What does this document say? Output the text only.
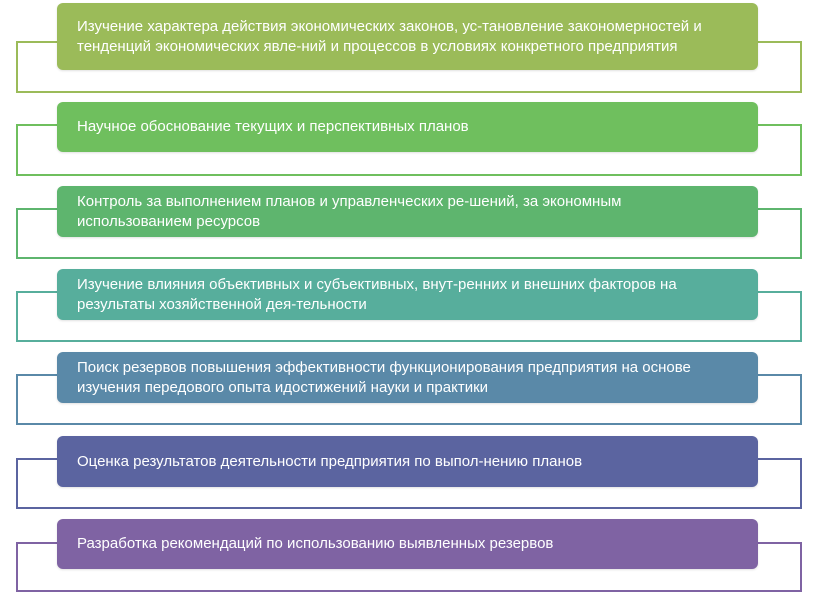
Изучение характера действия экономических законов, ус-тановление закономерностей и тенденций экономических явле-ний и процессов в условиях конкретного предприятия
Научное обоснование текущих и перспективных планов
Контроль за выполнением планов и управленческих ре-шений, за экономным использованием ресурсов
Изучение влияния объективных и субъективных, внут-ренних и внешних факторов на результаты хозяйственной дея-тельности
Поиск резервов повышения эффективности функционирования предприятия на основе изучения передового опыта идостижений науки и практики
Оценка результатов деятельности предприятия по выпол-нению планов
Разработка рекомендаций по использованию выявленных резервов
